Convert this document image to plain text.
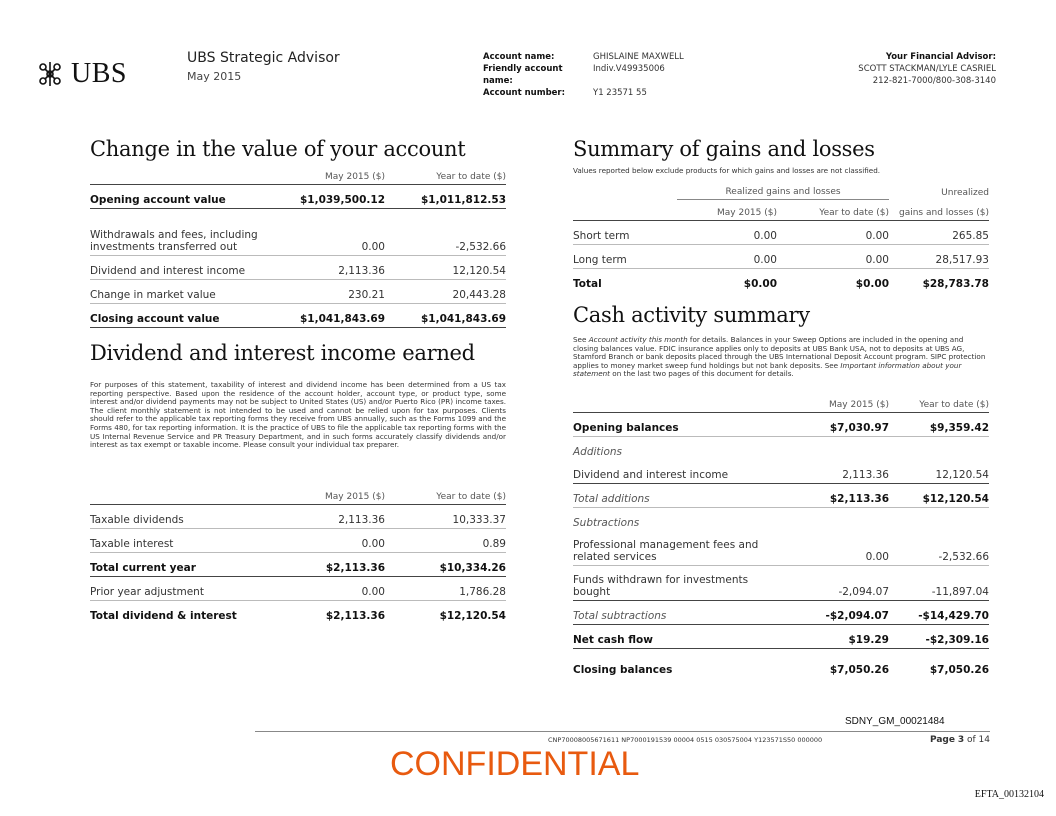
UBS	UBS Strategic Advisor
May 2015
Account name:	GHISLAINE MAXWELL
Friendly account name:
Indiv.V49935006
Account number:	Y1 23571 55
Your Financial Advisor:
SCOTT STACKMAN/LYLE CASRIEL
212-821-7000/800-308-3140
Change in the value of your account
	May 2015 ($)	Year to date ($)
Opening account value	$1,039,500.12	$1,011,812.53
Withdrawals and fees, including investments transferred out	0.00	-2,532.66
Dividend and interest income	2,113.36	12,120.54
Change in market value	230.21	20,443.28
Closing account value	$1,041,843.69	$1,041,843.69
Dividend and interest income earned
For purposes of this statement, taxability of interest and dividend income has been determined from a US tax reporting perspective. Based upon the residence of the account holder, account type, or product type, some interest and/or dividend payments may not be subject to United States (US) and/or Puerto Rico (PR) income taxes. The client monthly statement is not intended to be used and cannot be relied upon for tax purposes. Clients should refer to the applicable tax reporting forms they receive from UBS annually, such as the Forms 1099 and the Forms 480, for tax reporting information. It is the practice of UBS to file the applicable tax reporting forms with the US Internal Revenue Service and PR Treasury Department, and in such forms accurately classify dividends and/or interest as tax exempt or taxable income. Please consult your individual tax preparer.
	May 2015 ($)	Year to date ($)
Taxable dividends	2,113.36	10,333.37
Taxable interest	0.00	0.89
Total current year	$2,113.36	$10,334.26
Prior year adjustment	0.00	1,786.28
Total dividend & interest	$2,113.36	$12,120.54
Summary of gains and losses
Values reported below exclude products for which gains and losses are not classified.
	Realized gains and losses		Unrealized
	May 2015 ($)	Year to date ($)	gains and losses ($)
Short term	0.00	0.00	265.85
Long term	0.00	0.00	28,517.93
Total	$0.00	$0.00	$28,783.78
Cash activity summary
See Account activity this month for details. Balances in your Sweep Options are included in the opening and closing balances value. FDIC insurance applies only to deposits at UBS Bank USA, not to deposits at UBS AG, Stamford Branch or bank deposits placed through the UBS International Deposit Account program. SIPC protection applies to money market sweep fund holdings but not bank deposits. See Important information about your statement on the last two pages of this document for details.
	May 2015 ($)	Year to date ($)
Opening balances	$7,030.97	$9,359.42
Additions		
Dividend and interest income	2,113.36	12,120.54
Total additions	$2,113.36	$12,120.54
Subtractions		
Professional management fees and related services	0.00	-2,532.66
Funds withdrawn for investments bought	-2,094.07	-11,897.04
Total subtractions	-$2,094.07	-$14,429.70
Net cash flow	$19.29	-$2,309.16
Closing balances	$7,050.26	$7,050.26
SDNY_GM_00021484
CNP70008005671611 NP7000191539 00004 0515 030575004 Y123571S50 000000	Page 3 of 14
CONFIDENTIAL
EFTA_00132104
